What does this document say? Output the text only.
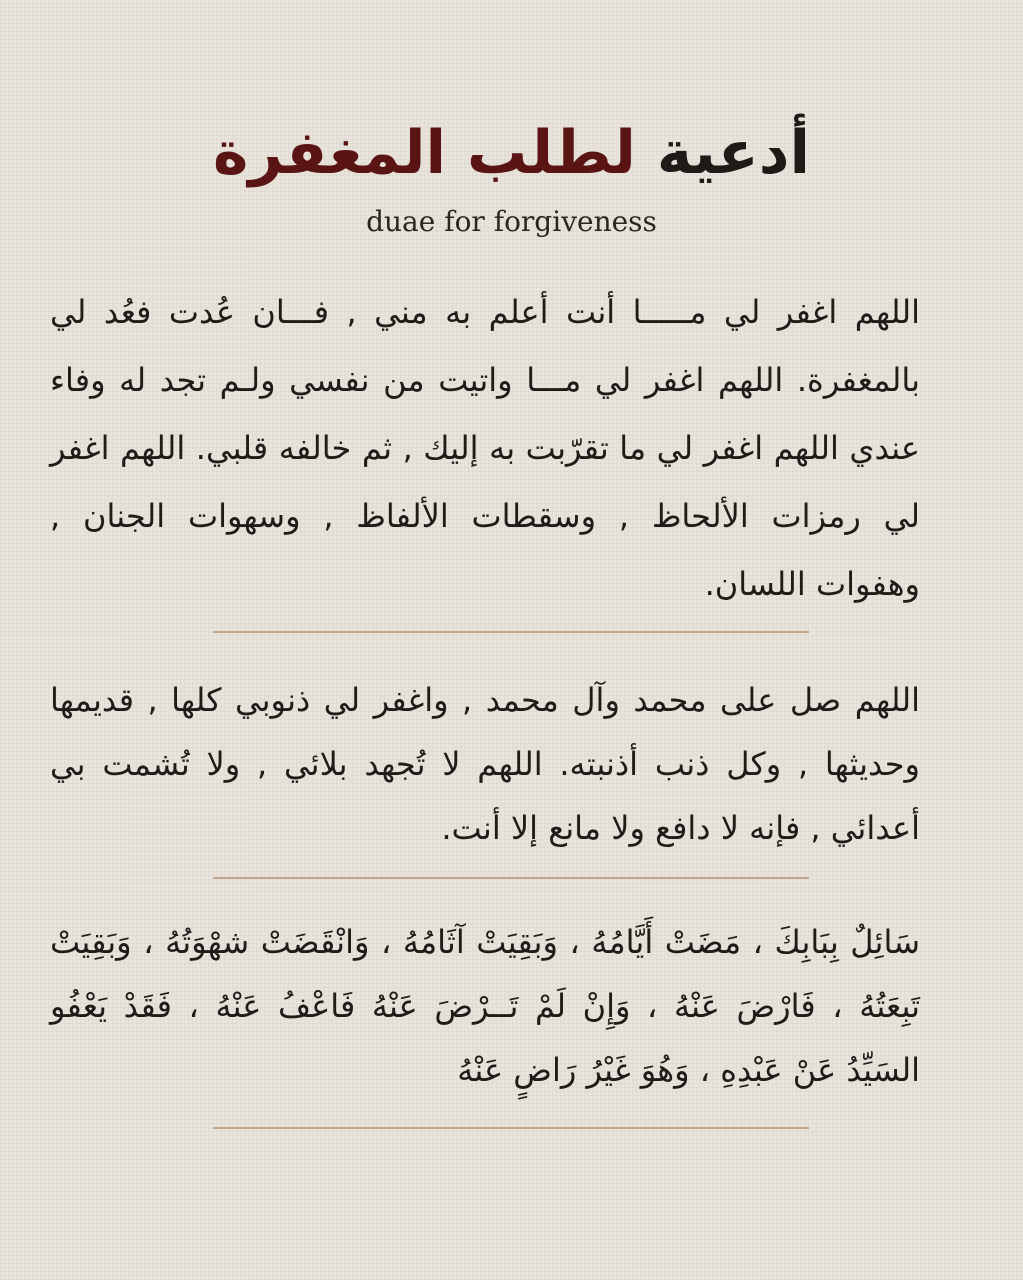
أدعية لطلب المغفرة
duae for forgiveness
اللهم اغفر لي مـــــا أنت أعلم به مني , فـــان عُدت فعُد لي بالمغفرة. اللهم اغفر لي مـــا واتيت من نفسي ولـم تجد له وفاء عندي اللهم اغفر لي ما تقرّبت به إليك , ثم خالفه قلبي. اللهم اغفر لي رمزات الألحاظ , وسقطات الألفاظ , وسهوات الجنان , وهفوات اللسان.
اللهم صل على محمد وآل محمد , واغفر لي ذنوبي كلها , قديمها وحديثها , وكل ذنب أذنبته. اللهم لا تُجهد بلائي , ولا تُشمت بي أعدائي , فإنه لا دافع ولا مانع إلا أنت.
سَائِلٌ بِبَابِكَ ، مَضَتْ أَيَّامُهُ ، وَبَقِيَتْ آثَامُهُ ، وَانْقَضَتْ شهْوَتُهُ ، وَبَقِيَتْ تَبِعَتُهُ ، فَارْضَ عَنْهُ ، وَإِنْ لَمْ تَــرْضَ عَنْهُ فَاعْفُ عَنْهُ ، فَقَدْ يَعْفُو السَيِّدُ عَنْ عَبْدِهِ ، وَهُوَ غَيْرُ رَاضٍ عَنْهُ
